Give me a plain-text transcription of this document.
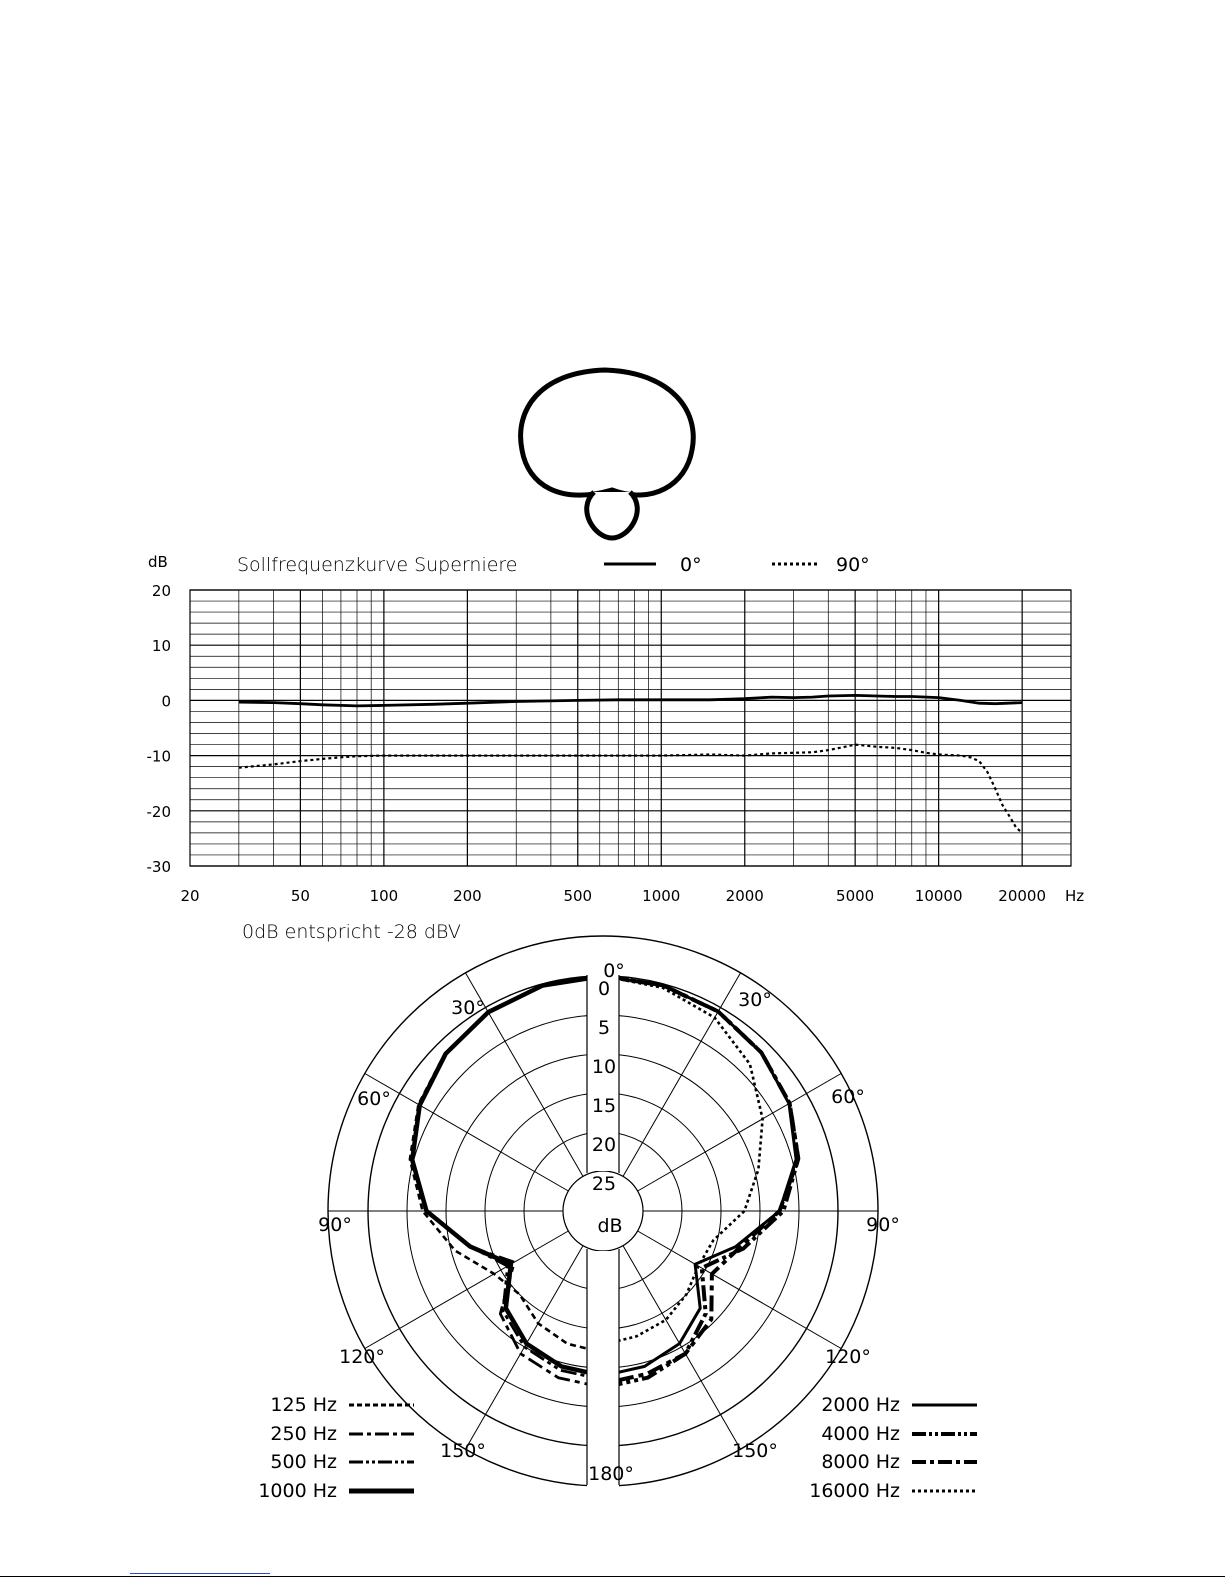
dB	Sollfrequenzkurve Superniere	0°	90°
20
10
0
-10
-20
-30
20	50	100	200	500	1000	2000	5000	10000 20000 Hz
0dB entspricht -28 dBV
0
5
10
15
20
25
dB
0°
30°	30°
60°	60°
90°	90°
120°	120°
150°	150°
180°
125 Hz
250 Hz
500 Hz
1000 Hz
2000 Hz
4000 Hz
8000 Hz
16000 Hz
